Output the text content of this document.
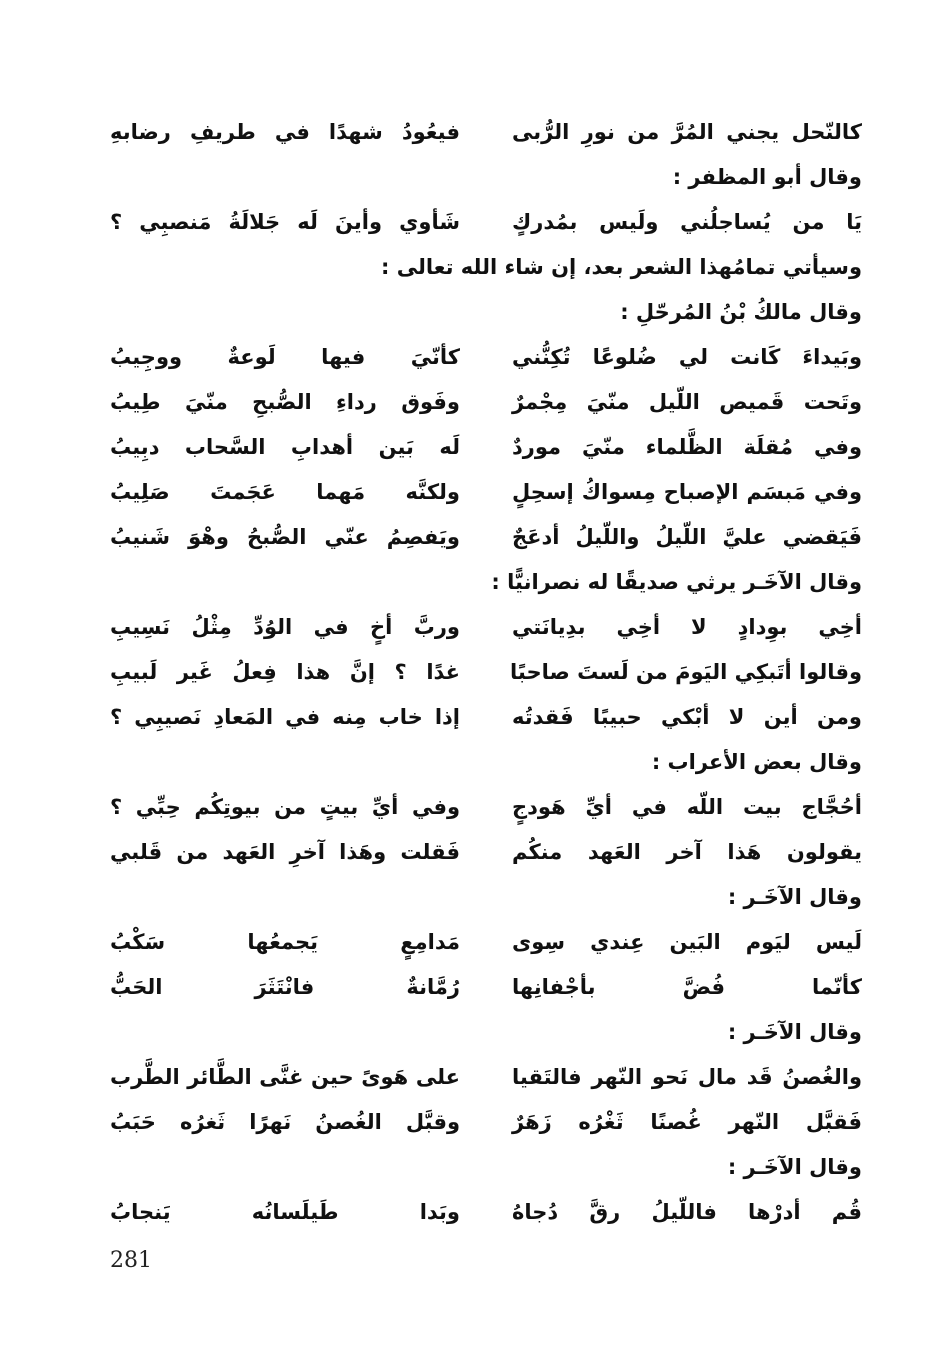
كالنّحل يجني المُرَّ من نورِ الرُّبى
فيعُودُ شهدًا في طريفِ رضابهِ
وقال أبو المظفر :
يَا من يُساجلُني ولَيس بمُدركٍ
شَأوي وأينَ لَه جَلالَةُ مَنصبِي ؟
وسيأتي تمامُهذا الشعر بعد، إن شاء الله تعالى :
وقال مالكُ بْنُ المُرحّلِ :
وبَيداءَ كَانت لي ضُلوعًا تُكِنُّني
كأنّيَ فيها لَوعةٌ ووجِيبُ
وتَحت قَميص اللّيل منّيَ مِجْمرٌ
وفَوق رداءِ الصُّبحِ منّيَ طِيبُ
وفي مُقلَة الظَّلماء منّيَ موردٌ
لَه بَين أهدابِ السَّحاب دبِيبُ
وفي مَبسَم الإصباح مِسواكُ إسحِلٍ
ولكنَّه مَهما عَجَمتَ صَلِيبُ
فَيَقضي عليَّ اللّيلُ واللّيلُ أدعَجٌ
ويَفصِمُ عنّي الصُّبحُ وهْوَ شَنيبُ
وقال الآخَـر يرثي صديقًا له نصرانيًّا :
أخِي بوِدادٍ لا أخِي بدِيانَتي
وربَّ أخٍ في الوُدِّ مِثْلُ نَسِيبِ
وقالوا أتَبكِي اليَومَ من لَستَ صاحبًا
غدًا ؟ إنَّ هذا فِعلُ غَير لَبيبِ
ومن أين لا أبْكي حبيبًا فَقدتُه
إذا خاب مِنه في المَعادِ نَصيبِي ؟
وقال بعض الأعراب :
أحُجَّاج بيت اللّه في أيِّ هَودجٍ
وفي أيِّ بيتٍ من بيوتِكُم حِبِّي ؟
يقولون هَذا آخر العَهد منكُم
فَقلت وهَذا آخرِ العَهد من قَلبي
وقال الآخَـر :
لَيس ليَوم البَين عِندي سِوى
مَدامِعٍ يَجمعُها سَكْبُ
كأنّما فُضَّ بأجْفانِها
رُمَّانةٌ فانْتَثَرَ الحَبُّ
وقال الآخَـر :
والغُصنُ قَد مال نَحو النّهر فالتَقيا
على هَوىً حين غنَّى الطَّائر الطَّرب
فَقبَّل النّهر غُصنًا ثَغْرُه زَهَرٌ
وقبَّل الغُصنُ نَهرًا ثَغرُه حَبَبُ
وقال الآخَـر :
قُم أدرْها فاللّيلُ رقَّ دُجاهُ
وبَدا طَيلَسانُه يَنجابُ
281
